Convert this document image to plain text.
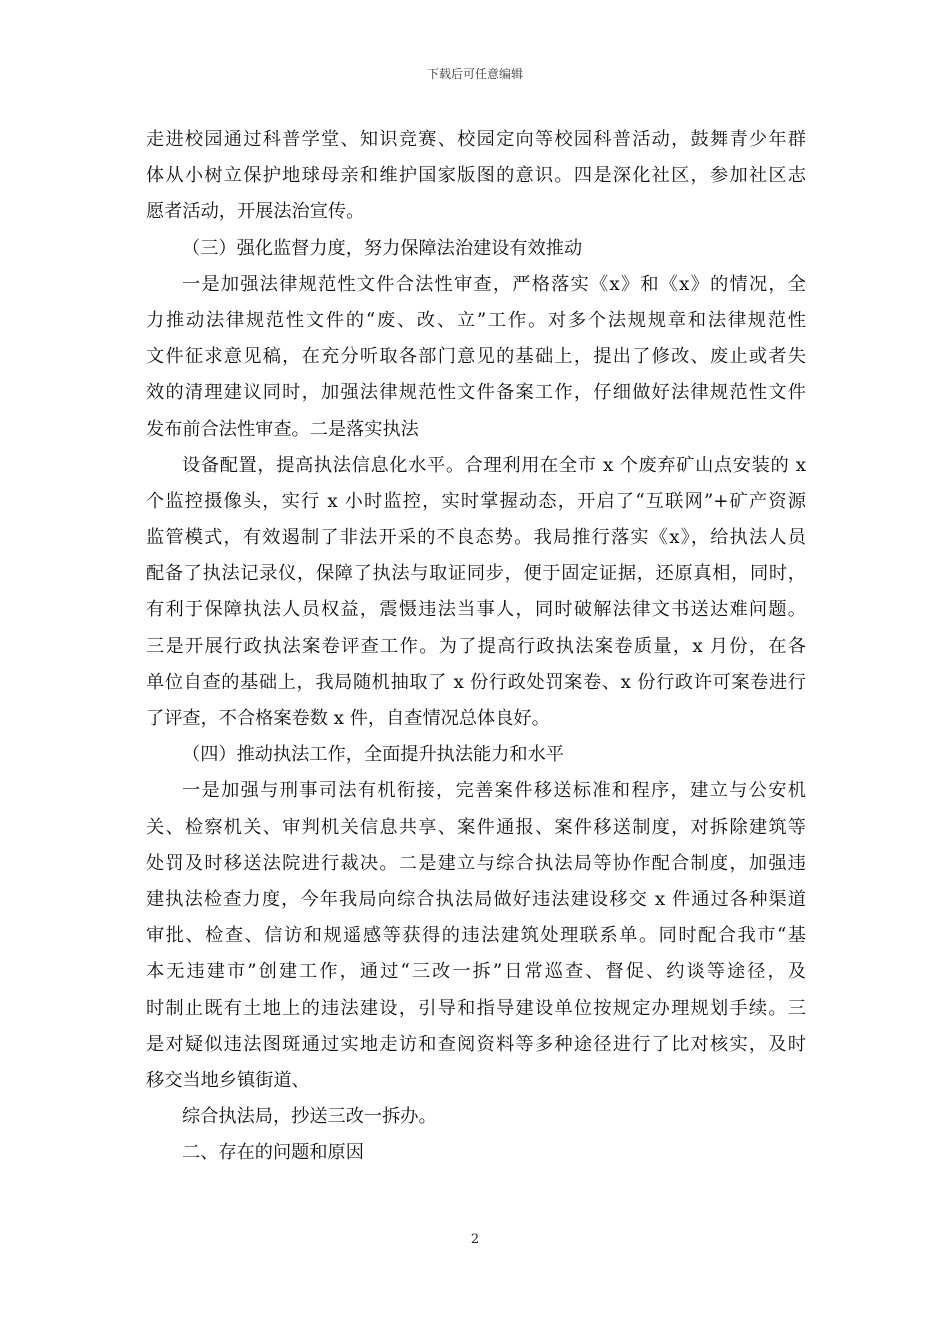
下载后可任意编辑
走进校园通过科普学堂、知识竞赛、校园定向等校园科普活动，鼓舞青少年群
体从小树立保护地球母亲和维护国家版图的意识。四是深化社区，参加社区志
愿者活动，开展法治宣传。
（三）强化监督力度，努力保障法治建设有效推动
一是加强法律规范性文件合法性审查，严格落实《x》和《x》的情况，全
力推动法律规范性文件的“废、改、立”工作。对多个法规规章和法律规范性
文件征求意见稿，在充分听取各部门意见的基础上，提出了修改、废止或者失
效的清理建议同时，加强法律规范性文件备案工作，仔细做好法律规范性文件
发布前合法性审查。二是落实执法
设备配置，提高执法信息化水平。合理利用在全市 x 个废弃矿山点安装的 x
个监控摄像头，实行 x 小时监控，实时掌握动态，开启了“互联网”+矿产资源
监管模式，有效遏制了非法开采的不良态势。我局推行落实《x》，给执法人员
配备了执法记录仪，保障了执法与取证同步，便于固定证据，还原真相，同时，
有利于保障执法人员权益，震慑违法当事人，同时破解法律文书送达难问题。
三是开展行政执法案卷评查工作。为了提高行政执法案卷质量，x 月份，在各
单位自查的基础上，我局随机抽取了 x 份行政处罚案卷、x 份行政许可案卷进行
了评查，不合格案卷数 x 件，自查情况总体良好。
（四）推动执法工作，全面提升执法能力和水平
一是加强与刑事司法有机衔接，完善案件移送标准和程序，建立与公安机
关、检察机关、审判机关信息共享、案件通报、案件移送制度，对拆除建筑等
处罚及时移送法院进行裁决。二是建立与综合执法局等协作配合制度，加强违
建执法检查力度，今年我局向综合执法局做好违法建设移交 x 件通过各种渠道
审批、检查、信访和规遥感等获得的违法建筑处理联系单。同时配合我市“基
本无违建市”创建工作，通过“三改一拆”日常巡查、督促、约谈等途径，及
时制止既有土地上的违法建设，引导和指导建设单位按规定办理规划手续。三
是对疑似违法图斑通过实地走访和查阅资料等多种途径进行了比对核实，及时
移交当地乡镇街道、
综合执法局，抄送三改一拆办。
二、存在的问题和原因
2
